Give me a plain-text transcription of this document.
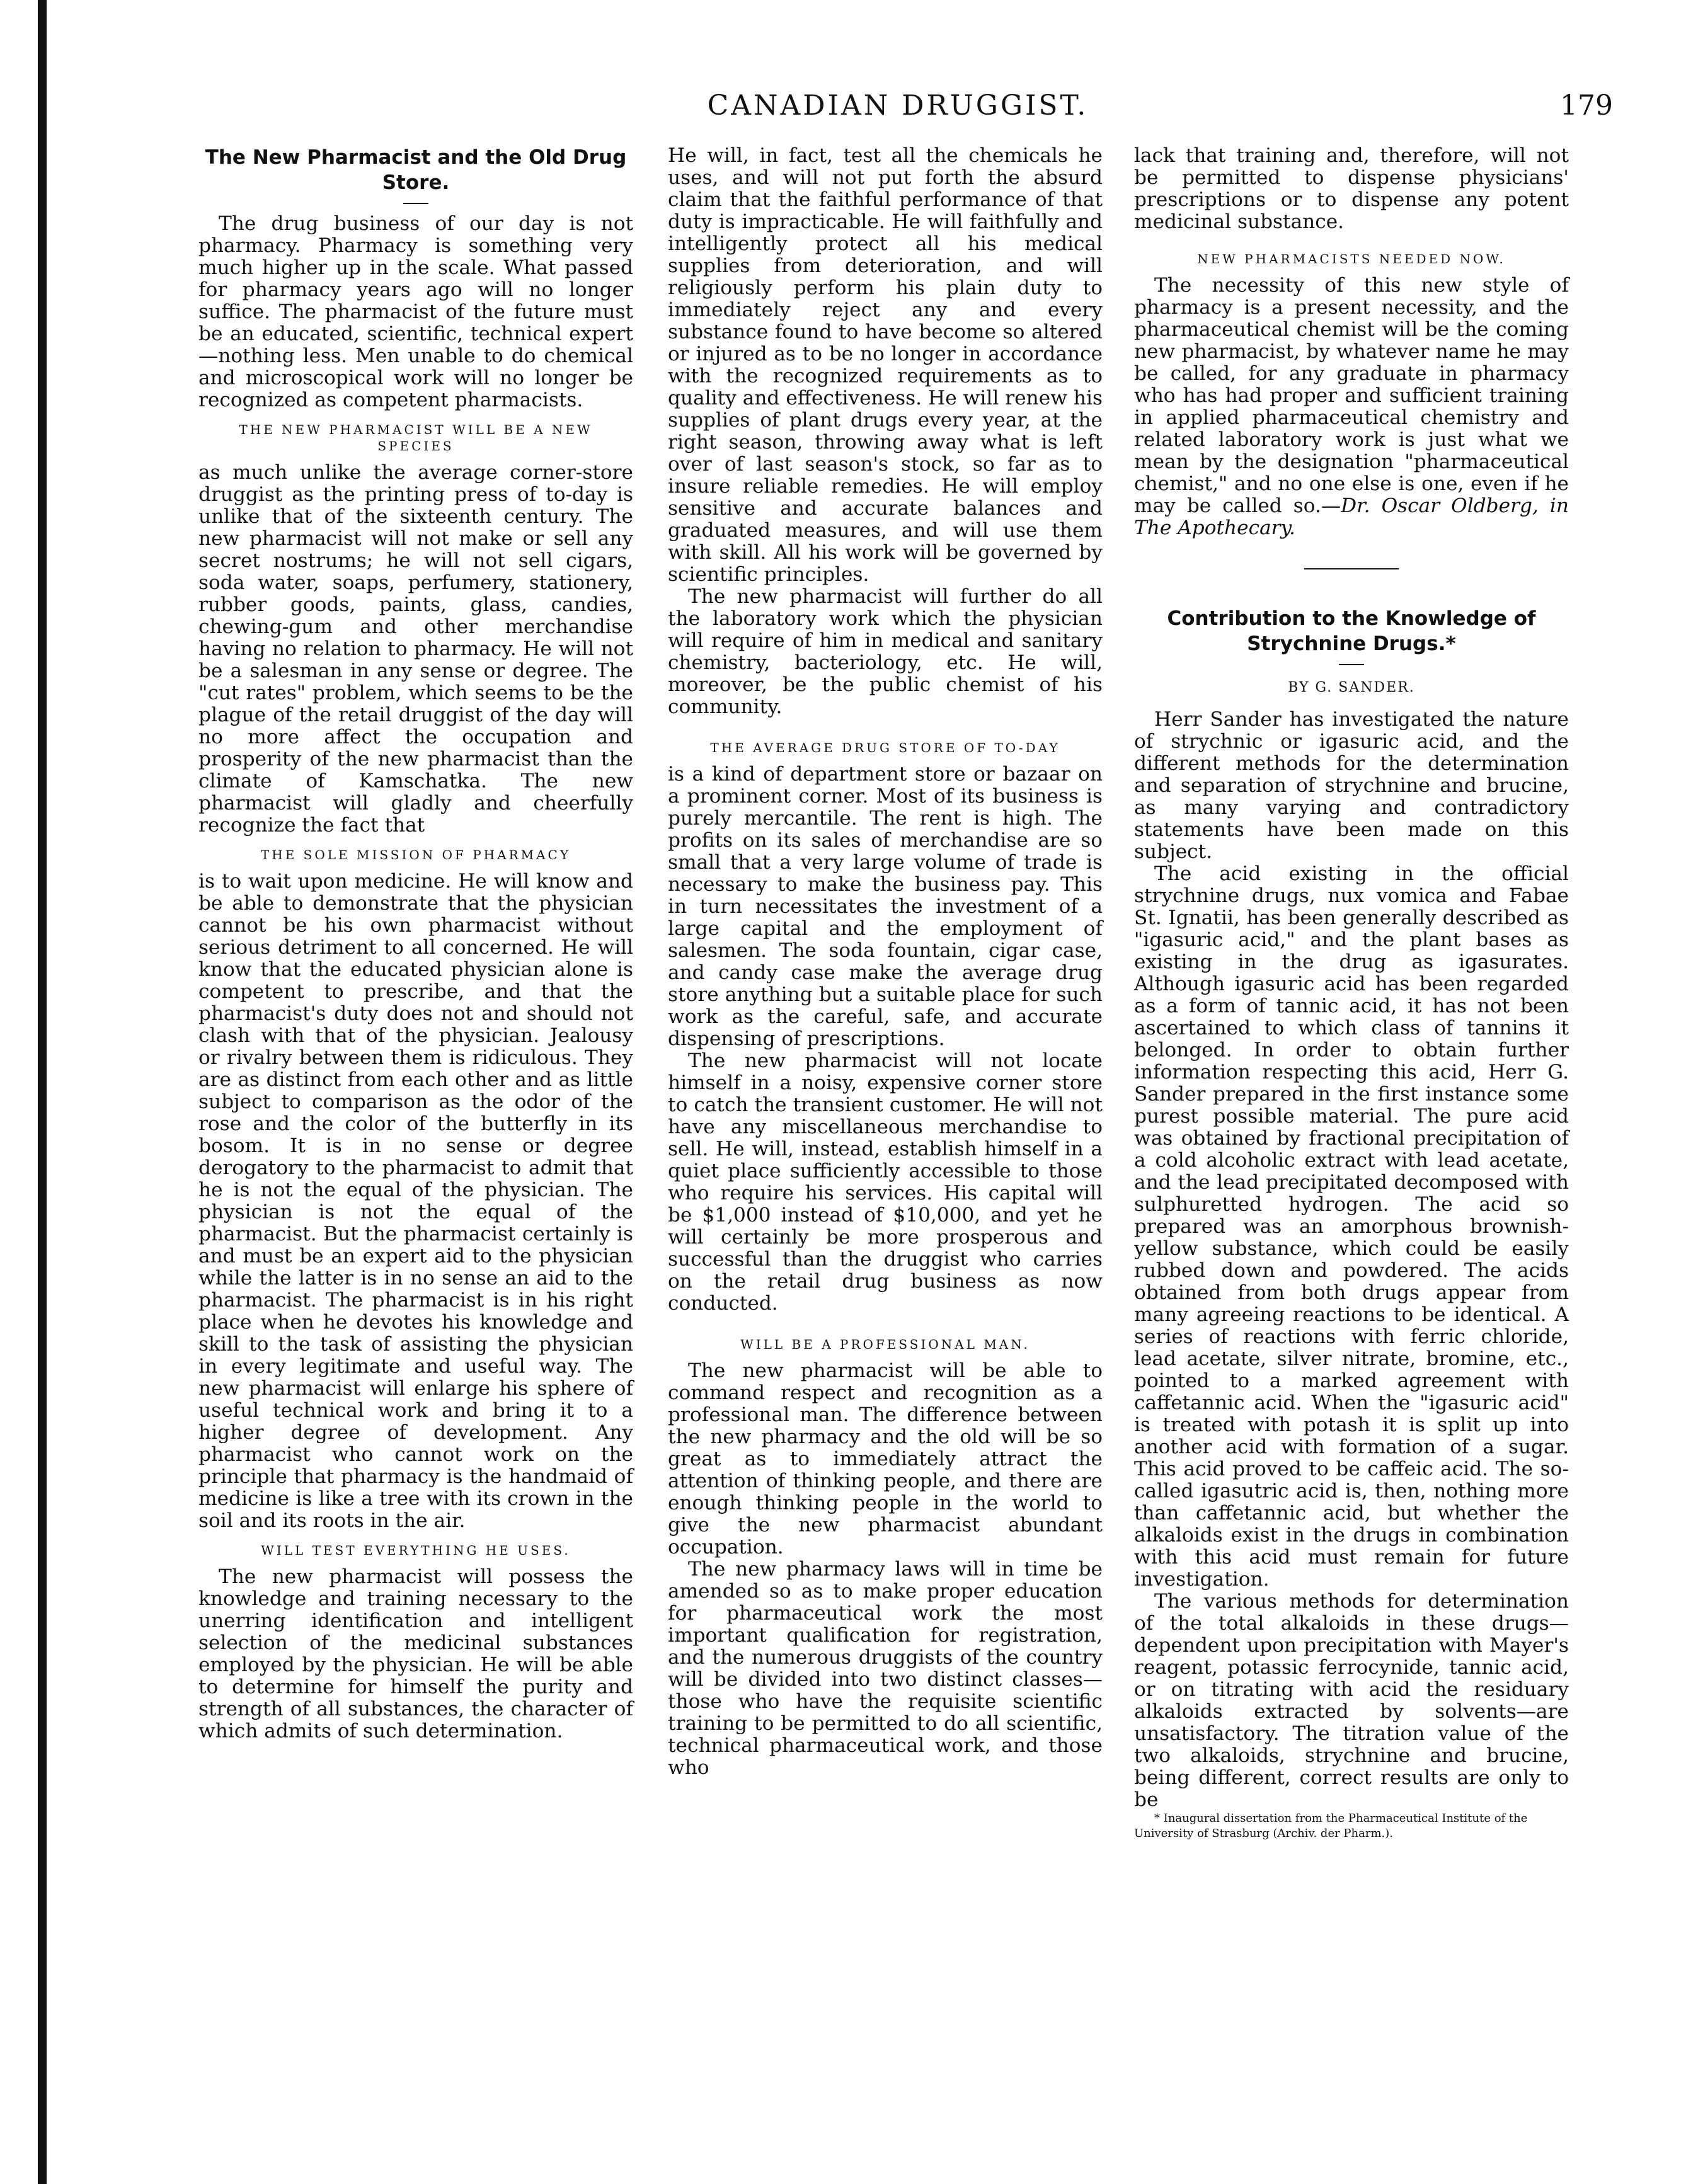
CANADIAN DRUGGIST.	179
The New Pharmacist and the Old Drug Store.

The drug business of our day is not pharmacy. Pharmacy is something very much higher up in the scale. What passed for pharmacy years ago will no longer suffice. The pharmacist of the future must be an educated, scientific, technical expert—nothing less. Men unable to do chemical and microscopical work will no longer be recognized as competent pharmacists.

THE NEW PHARMACIST WILL BE A NEW SPECIES

as much unlike the average corner-store druggist as the printing press of to-day is unlike that of the sixteenth century. The new pharmacist will not make or sell any secret nostrums; he will not sell cigars, soda water, soaps, perfumery, stationery, rubber goods, paints, glass, candies, chewing-gum and other merchandise having no relation to pharmacy. He will not be a salesman in any sense or degree. The "cut rates" problem, which seems to be the plague of the retail druggist of the day will no more affect the occupation and prosperity of the new pharmacist than the climate of Kamschatka. The new pharmacist will gladly and cheerfully recognize the fact that

THE SOLE MISSION OF PHARMACY

is to wait upon medicine. He will know and be able to demonstrate that the physician cannot be his own pharmacist without serious detriment to all concerned. He will know that the educated physician alone is competent to prescribe, and that the pharmacist's duty does not and should not clash with that of the physician. Jealousy or rivalry between them is ridiculous. They are as distinct from each other and as little subject to comparison as the odor of the rose and the color of the butterfly in its bosom. It is in no sense or degree derogatory to the pharmacist to admit that he is not the equal of the physician. The physician is not the equal of the pharmacist. But the pharmacist certainly is and must be an expert aid to the physician while the latter is in no sense an aid to the pharmacist. The pharmacist is in his right place when he devotes his knowledge and skill to the task of assisting the physician in every legitimate and useful way. The new pharmacist will enlarge his sphere of useful technical work and bring it to a higher degree of development. Any pharmacist who cannot work on the principle that pharmacy is the handmaid of medicine is like a tree with its crown in the soil and its roots in the air.

WILL TEST EVERYTHING HE USES.

The new pharmacist will possess the knowledge and training necessary to the unerring identification and intelligent selection of the medicinal substances employed by the physician. He will be able to determine for himself the purity and strength of all substances, the character of which admits of such determination.

He will, in fact, test all the chemicals he uses, and will not put forth the absurd claim that the faithful performance of that duty is impracticable. He will faithfully and intelligently protect all his medical supplies from deterioration, and will religiously perform his plain duty to immediately reject any and every substance found to have become so altered or injured as to be no longer in accordance with the recognized requirements as to quality and effectiveness. He will renew his supplies of plant drugs every year, at the right season, throwing away what is left over of last season's stock, so far as to insure reliable remedies. He will employ sensitive and accurate balances and graduated measures, and will use them with skill. All his work will be governed by scientific principles.

The new pharmacist will further do all the laboratory work which the physician will require of him in medical and sanitary chemistry, bacteriology, etc. He will, moreover, be the public chemist of his community.

THE AVERAGE DRUG STORE OF TO-DAY

is a kind of department store or bazaar on a prominent corner. Most of its business is purely mercantile. The rent is high. The profits on its sales of merchandise are so small that a very large volume of trade is necessary to make the business pay. This in turn necessitates the investment of a large capital and the employment of salesmen. The soda fountain, cigar case, and candy case make the average drug store anything but a suitable place for such work as the careful, safe, and accurate dispensing of prescriptions.

The new pharmacist will not locate himself in a noisy, expensive corner store to catch the transient customer. He will not have any miscellaneous merchandise to sell. He will, instead, establish himself in a quiet place sufficiently accessible to those who require his services. His capital will be $1,000 instead of $10,000, and yet he will certainly be more prosperous and successful than the druggist who carries on the retail drug business as now conducted.

WILL BE A PROFESSIONAL MAN.

The new pharmacist will be able to command respect and recognition as a professional man. The difference between the new pharmacy and the old will be so great as to immediately attract the attention of thinking people, and there are enough thinking people in the world to give the new pharmacist abundant occupation.

The new pharmacy laws will in time be amended so as to make proper education for pharmaceutical work the most important qualification for registration, and the numerous druggists of the country will be divided into two distinct classes—those who have the requisite scientific training to be permitted to do all scientific, technical pharmaceutical work, and those who

lack that training and, therefore, will not be permitted to dispense physicians' prescriptions or to dispense any potent medicinal substance.

NEW PHARMACISTS NEEDED NOW.

The necessity of this new style of pharmacy is a present necessity, and the pharmaceutical chemist will be the coming new pharmacist, by whatever name he may be called, for any graduate in pharmacy who has had proper and sufficient training in applied pharmaceutical chemistry and related laboratory work is just what we mean by the designation "pharmaceutical chemist," and no one else is one, even if he may be called so.—Dr. Oscar Oldberg, in The Apothecary.

Contribution to the Knowledge of Strychnine Drugs.*
BY G. SANDER.

Herr Sander has investigated the nature of strychnic or igasuric acid, and the different methods for the determination and separation of strychnine and brucine, as many varying and contradictory statements have been made on this subject.

The acid existing in the official strychnine drugs, nux vomica and Fabae St. Ignatii, has been generally described as "igasuric acid," and the plant bases as existing in the drug as igasurates. Although igasuric acid has been regarded as a form of tannic acid, it has not been ascertained to which class of tannins it belonged. In order to obtain further information respecting this acid, Herr G. Sander prepared in the first instance some purest possible material. The pure acid was obtained by fractional precipitation of a cold alcoholic extract with lead acetate, and the lead precipitated decomposed with sulphuretted hydrogen. The acid so prepared was an amorphous brownish-yellow substance, which could be easily rubbed down and powdered. The acids obtained from both drugs appear from many agreeing reactions to be identical. A series of reactions with ferric chloride, lead acetate, silver nitrate, bromine, etc., pointed to a marked agreement with caffetannic acid. When the "igasuric acid" is treated with potash it is split up into another acid with formation of a sugar. This acid proved to be caffeic acid. The so-called igasutric acid is, then, nothing more than caffetannic acid, but whether the alkaloids exist in the drugs in combination with this acid must remain for future investigation.

The various methods for determination of the total alkaloids in these drugs—dependent upon precipitation with Mayer's reagent, potassic ferrocynide, tannic acid, or on titrating with acid the residuary alkaloids extracted by solvents—are unsatisfactory. The titration value of the two alkaloids, strychnine and brucine, being different, correct results are only to be

* Inaugural dissertation from the Pharmaceutical Institute of the University of Strasburg (Archiv. der Pharm.).
